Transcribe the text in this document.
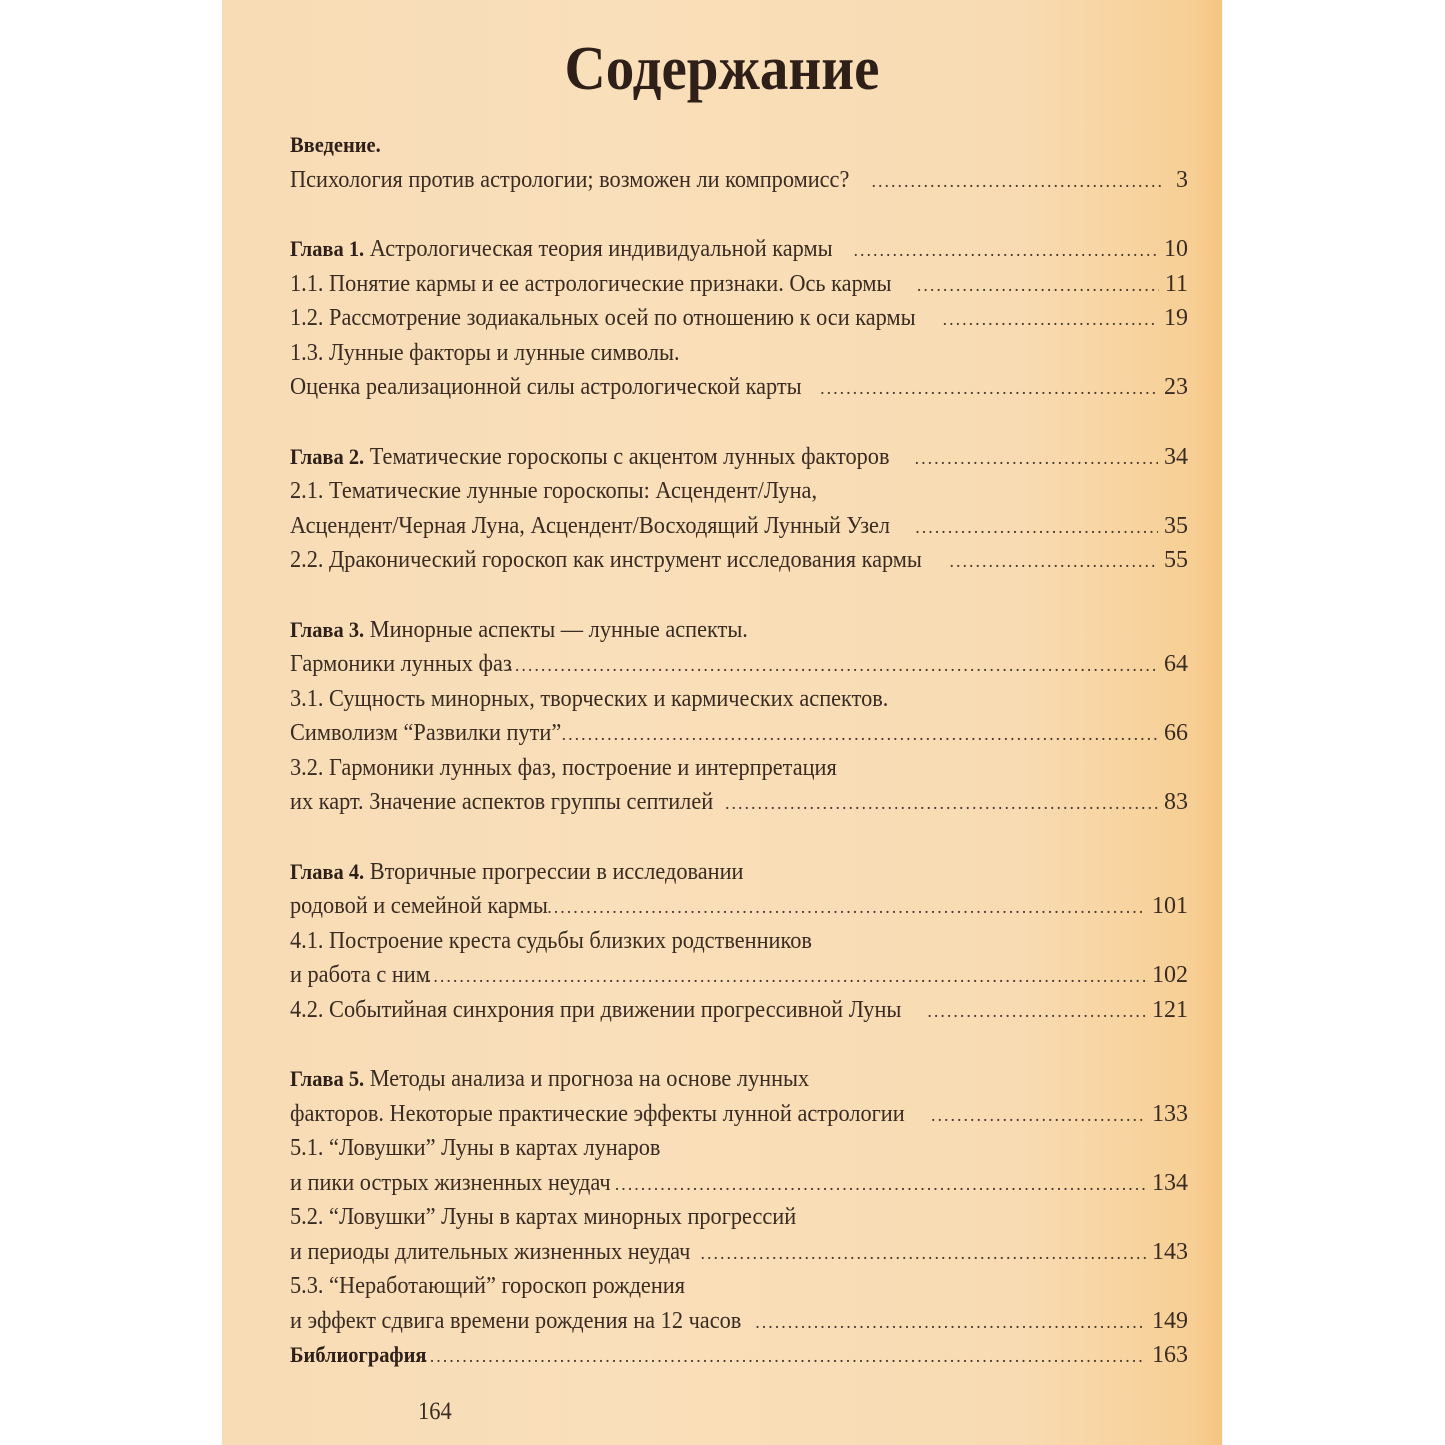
Содержание
Введение.
Психология против астрологии; возможен ли компромисс? .....	3
Глава 1. Астрологическая теория индивидуальной кармы .....	10
1.1. Понятие кармы и ее астрологические признаки. Ось кармы .....	11
1.2. Рассмотрение зодиакальных осей по отношению к оси кармы .....	19
1.3. Лунные факторы и лунные символы.
Оценка реализационной силы астрологической карты .....	23
Глава 2. Тематические гороскопы с акцентом лунных факторов .....	34
2.1. Тематические лунные гороскопы: Асцендент/Луна,
Асцендент/Черная Луна, Асцендент/Восходящий Лунный Узел .....	35
2.2. Драконический гороскоп как инструмент исследования кармы .....	55
Глава 3. Минорные аспекты — лунные аспекты.
Гармоники лунных фаз .....	64
3.1. Сущность минорных, творческих и кармических аспектов.
Символизм “Развилки пути” .....	66
3.2. Гармоники лунных фаз, построение и интерпретация
их карт. Значение аспектов группы септилей .....	83
Глава 4. Вторичные прогрессии в исследовании
родовой и семейной кармы .....	101
4.1. Построение креста судьбы близких родственников
и работа с ним .....	102
4.2. Событийная синхрония при движении прогрессивной Луны .....	121
Глава 5. Методы анализа и прогноза на основе лунных
факторов. Некоторые практические эффекты лунной астрологии .....	133
5.1. “Ловушки” Луны в картах лунаров
и пики острых жизненных неудач .....	134
5.2. “Ловушки” Луны в картах минорных прогрессий
и периоды длительных жизненных неудач .....	143
5.3. “Неработающий” гороскоп рождения
и эффект сдвига времени рождения на 12 часов .....	149
Библиография .....	163
164
